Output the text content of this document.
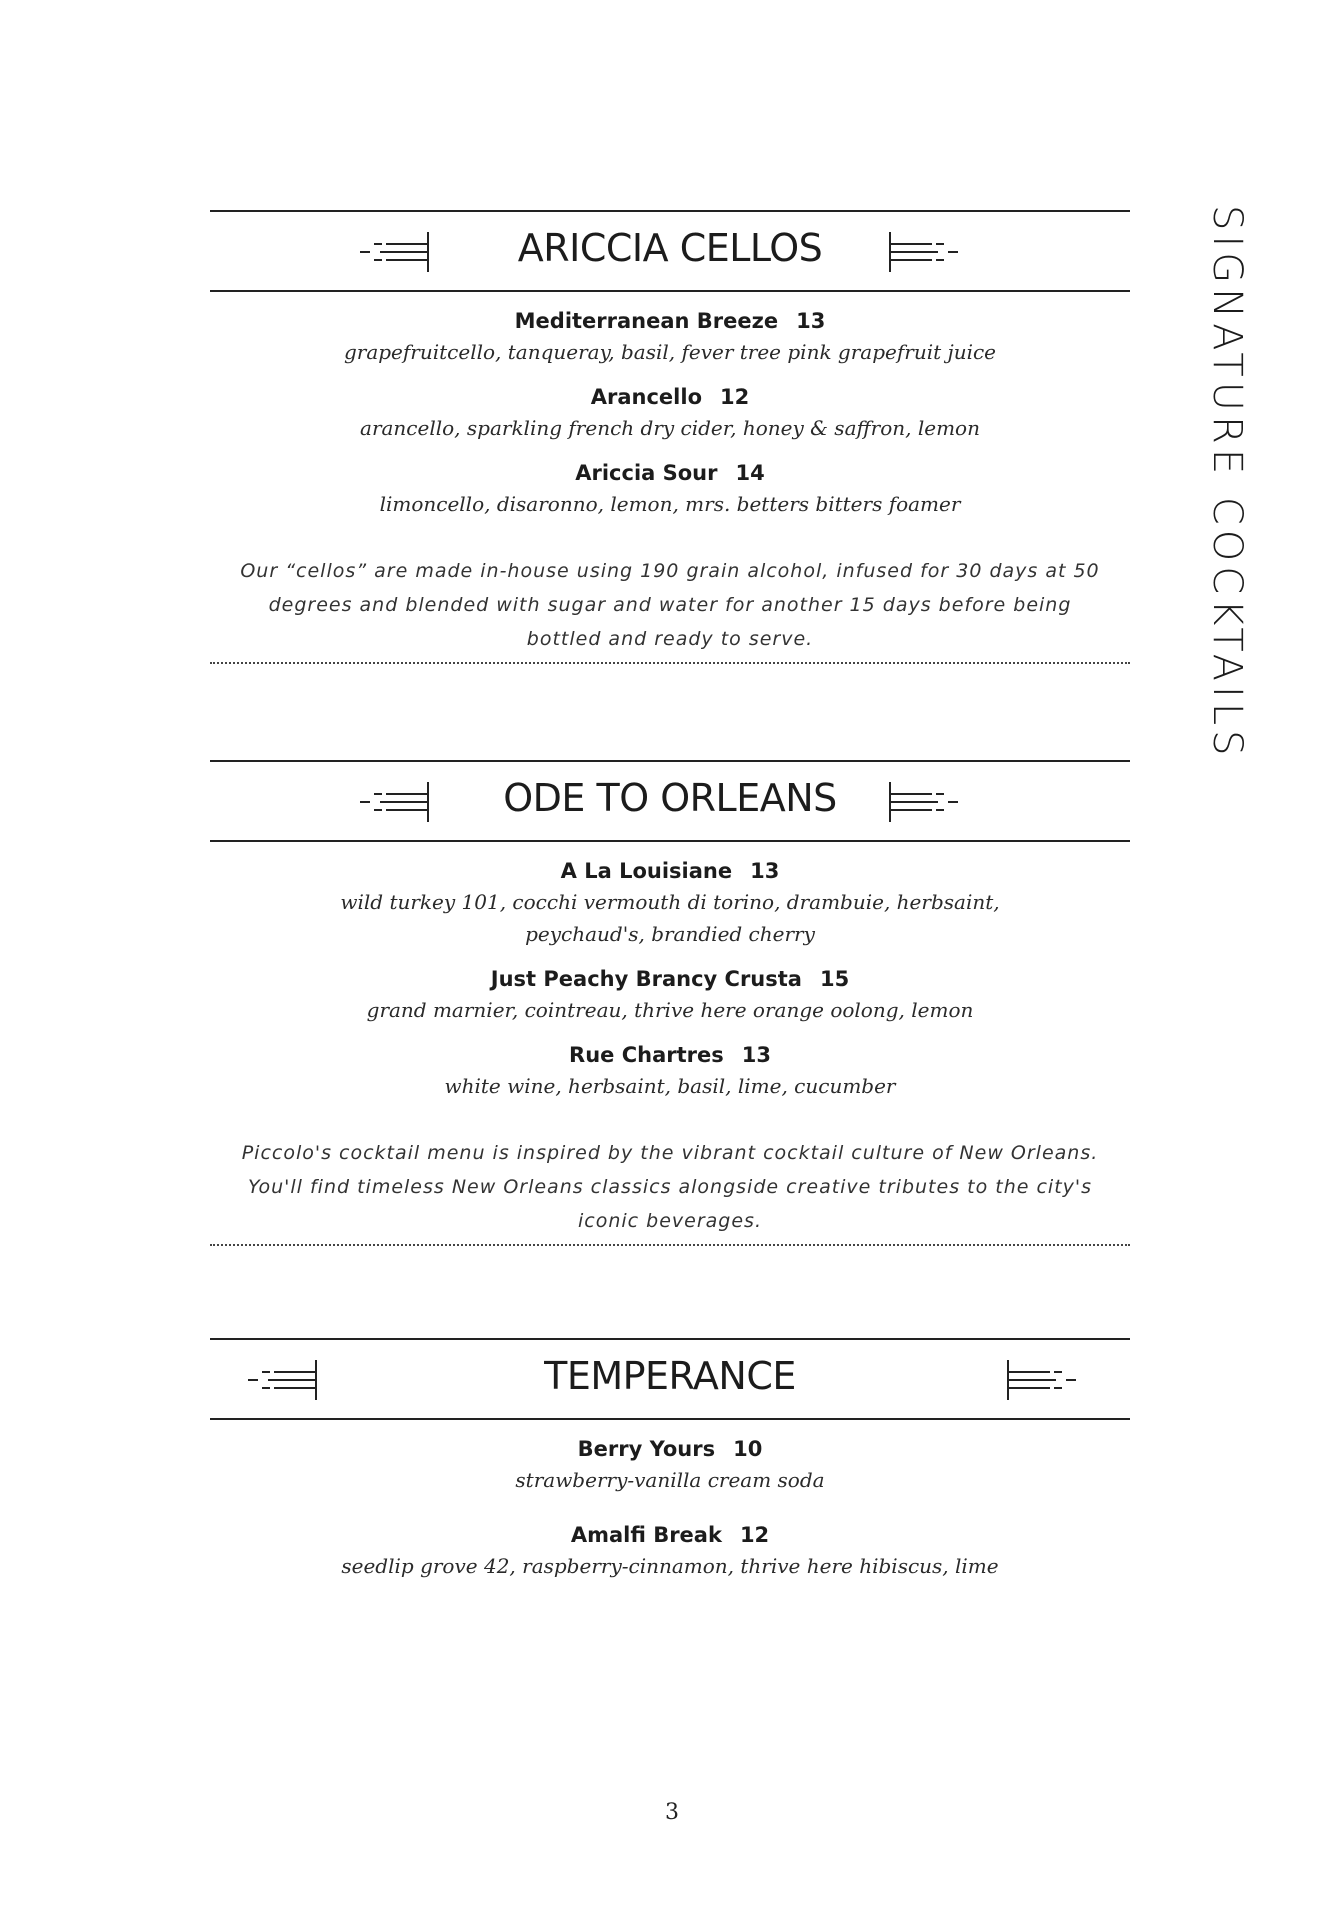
SIGNATURE COCKTAILS
ARICCIA CELLOS
Mediterranean Breeze 13
grapefruitcello, tanqueray, basil, fever tree pink grapefruit juice
Arancello 12
arancello, sparkling french dry cider, honey & saffron, lemon
Ariccia Sour 14
limoncello, disaronno, lemon, mrs. betters bitters foamer
Our “cellos” are made in-house using 190 grain alcohol, infused for 30 days at 50 degrees and blended with sugar and water for another 15 days before being bottled and ready to serve.
ODE TO ORLEANS
A La Louisiane 13
wild turkey 101, cocchi vermouth di torino, drambuie, herbsaint, peychaud's, brandied cherry
Just Peachy Brancy Crusta 15
grand marnier, cointreau, thrive here orange oolong, lemon
Rue Chartres 13
white wine, herbsaint, basil, lime, cucumber
Piccolo's cocktail menu is inspired by the vibrant cocktail culture of New Orleans. You'll find timeless New Orleans classics alongside creative tributes to the city's iconic beverages.
TEMPERANCE
Berry Yours 10
strawberry-vanilla cream soda
Amalfi Break 12
seedlip grove 42, raspberry-cinnamon, thrive here hibiscus, lime
3
